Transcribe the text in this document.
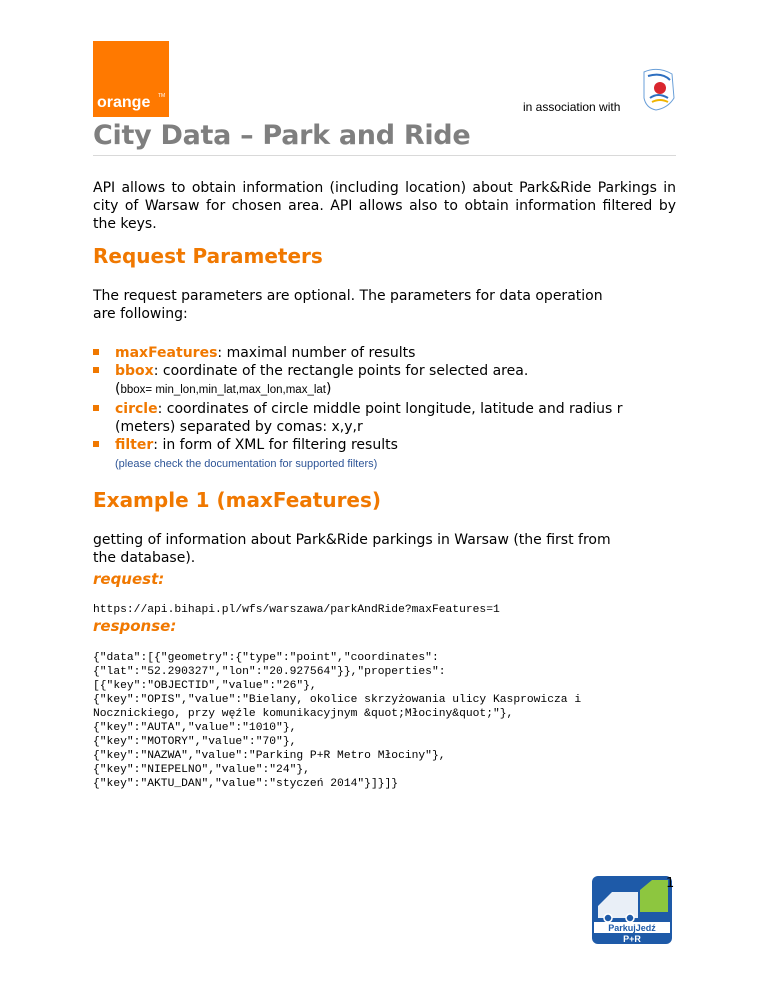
orange TM
in association with
City Data – Park and Ride
API allows to obtain information (including location) about Park&Ride Parkings in city of Warsaw for chosen area. API allows also to obtain information filtered by the keys.
Request Parameters
The request parameters are optional. The parameters for data operation are following:
maxFeatures: maximal number of results
bbox: coordinate of the rectangle points for selected area.
(bbox= min_lon,min_lat,max_lon,max_lat)
circle: coordinates of circle middle point longitude, latitude and radius r (meters) separated by comas: x,y,r
filter: in form of XML for filtering results
(please check the documentation for supported filters)
Example 1 (maxFeatures)
getting of information about Park&Ride parkings in Warsaw (the first from the database).
request:
https://api.bihapi.pl/wfs/warszawa/parkAndRide?maxFeatures=1
response:
{"data":[{"geometry":{"type":"point","coordinates":
{"lat":"52.290327","lon":"20.927564"}},"properties":
[{"key":"OBJECTID","value":"26"},
{"key":"OPIS","value":"Bielany, okolice skrzyżowania ulicy Kasprowicza i
Nocznickiego, przy węźle komunikacyjnym &quot;Młociny&quot;"},
{"key":"AUTA","value":"1010"},
{"key":"MOTORY","value":"70"},
{"key":"NAZWA","value":"Parking P+R Metro Młociny"},
{"key":"NIEPELNO","value":"24"},
{"key":"AKTU_DAN","value":"styczeń 2014"}]}]}
ParkujJedź
P+R
1
